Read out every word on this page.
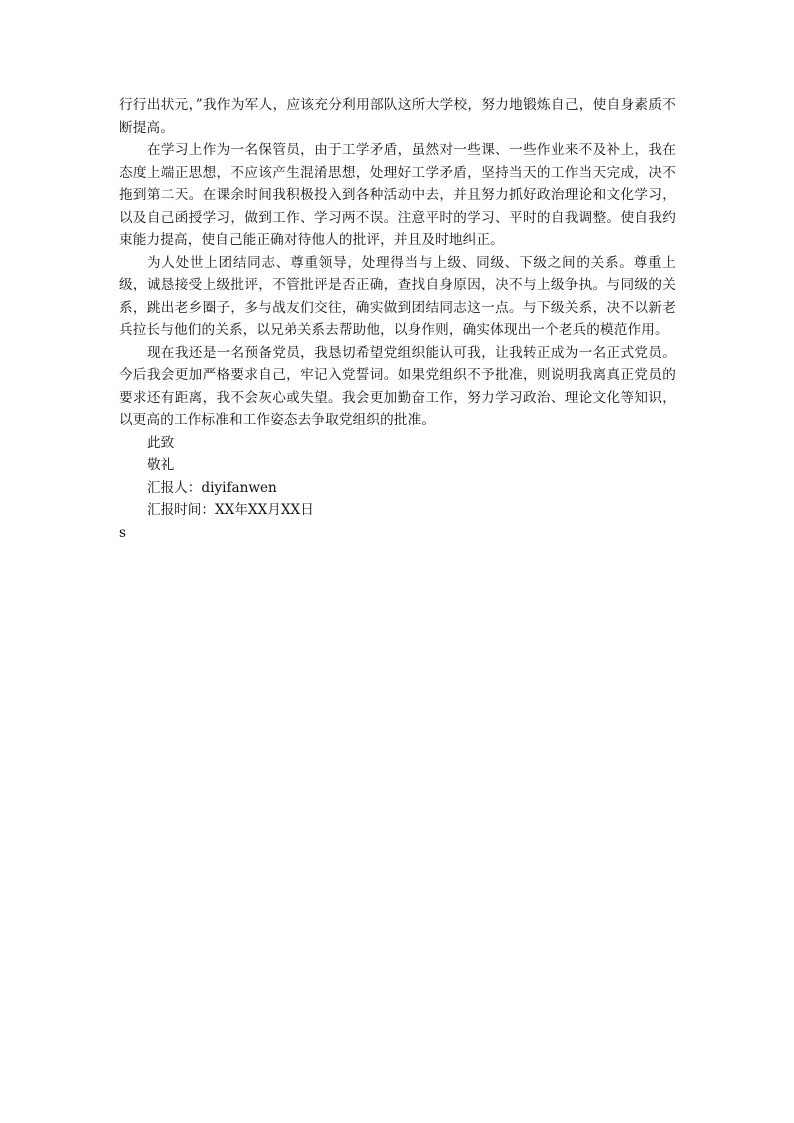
行行出状元，”我作为军人，应该充分利用部队这所大学校，努力地锻炼自己，使自身素质不断提高。

在学习上作为一名保管员，由于工学矛盾，虽然对一些课、一些作业来不及补上，我在态度上端正思想，不应该产生混淆思想，处理好工学矛盾，坚持当天的工作当天完成，决不拖到第二天。在课余时间我积极投入到各种活动中去，并且努力抓好政治理论和文化学习，以及自己函授学习，做到工作、学习两不误。注意平时的学习、平时的自我调整。使自我约束能力提高，使自己能正确对待他人的批评，并且及时地纠正。

为人处世上团结同志、尊重领导，处理得当与上级、同级、下级之间的关系。尊重上级，诚恳接受上级批评，不管批评是否正确，查找自身原因，决不与上级争执。与同级的关系，跳出老乡圈子，多与战友们交往，确实做到团结同志这一点。与下级关系，决不以新老兵拉长与他们的关系，以兄弟关系去帮助他，以身作则，确实体现出一个老兵的模范作用。

现在我还是一名预备党员，我恳切希望党组织能认可我，让我转正成为一名正式党员。今后我会更加严格要求自己，牢记入党誓词。如果党组织不予批准，则说明我离真正党员的要求还有距离，我不会灰心或失望。我会更加勤奋工作，努力学习政治、理论文化等知识，以更高的工作标准和工作姿态去争取党组织的批准。

此致

敬礼

汇报人：diyifanwen

汇报时间：XX年XX月XX日

s
